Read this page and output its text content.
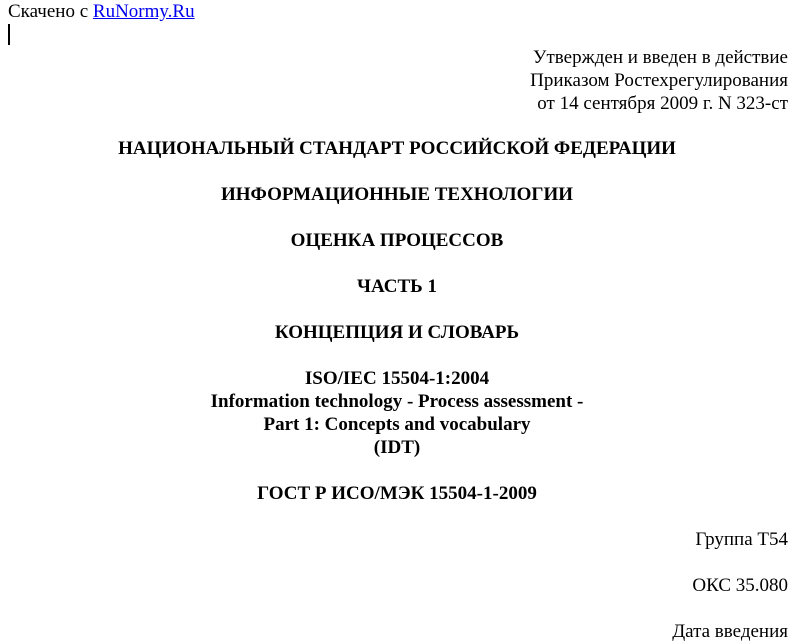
Скачено с RuNormy.Ru
Утвержден и введен в действие
Приказом Ростехрегулирования
от 14 сентября 2009 г. N 323-ст
НАЦИОНАЛЬНЫЙ СТАНДАРТ РОССИЙСКОЙ ФЕДЕРАЦИИ
ИНФОРМАЦИОННЫЕ ТЕХНОЛОГИИ
ОЦЕНКА ПРОЦЕССОВ
ЧАСТЬ 1
КОНЦЕПЦИЯ И СЛОВАРЬ
ISO/IEC 15504-1:2004
Information technology - Process assessment -
Part 1: Concepts and vocabulary
(IDT)
ГОСТ Р ИСО/МЭК 15504-1-2009
Группа Т54
ОКС 35.080
Дата введения
